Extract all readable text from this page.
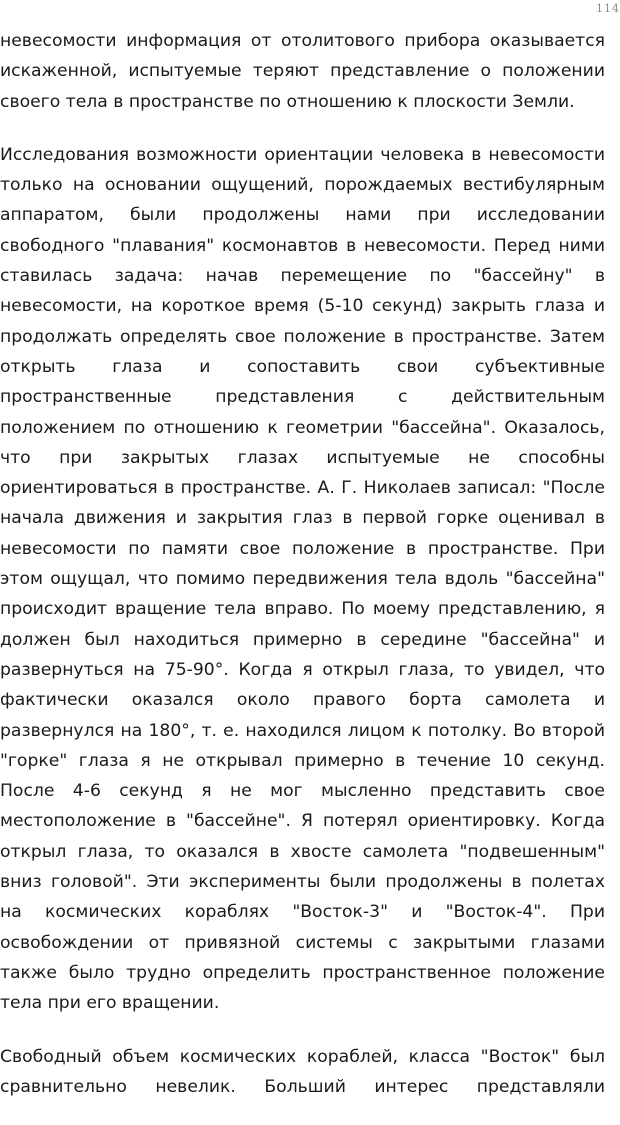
114

невесомости информация от отолитового прибора оказывается искаженной, испытуемые теряют представление о положении своего тела в пространстве по отношению к плоскости Земли.

Исследования возможности ориентации человека в невесомости только на основании ощущений, порождаемых вестибулярным аппаратом, были продолжены нами при исследовании свободного "плавания" космонавтов в невесомости. Перед ними ставилась задача: начав перемещение по "бассейну" в невесомости, на короткое время (5-10 секунд) закрыть глаза и продолжать определять свое положение в пространстве. Затем открыть глаза и сопоставить свои субъективные пространственные представления с действительным положением по отношению к геометрии "бассейна". Оказалось, что при закрытых глазах испытуемые не способны ориентироваться в пространстве. А. Г. Николаев записал: "После начала движения и закрытия глаз в первой горке оценивал в невесомости по памяти свое положение в пространстве. При этом ощущал, что помимо передвижения тела вдоль "бассейна" происходит вращение тела вправо. По моему представлению, я должен был находиться примерно в середине "бассейна" и развернуться на 75-90°. Когда я открыл глаза, то увидел, что фактически оказался около правого борта самолета и развернулся на 180°, т. е. находился лицом к потолку. Во второй "горке" глаза я не открывал примерно в течение 10 секунд. После 4-6 секунд я не мог мысленно представить свое местоположение в "бассейне". Я потерял ориентировку. Когда открыл глаза, то оказался в хвосте самолета "подвешенным" вниз головой". Эти эксперименты были продолжены в полетах на космических кораблях "Восток-3" и "Восток-4". При освобождении от привязной системы с закрытыми глазами также было трудно определить пространственное положение тела при его вращении.

Свободный объем космических кораблей, класса "Восток" был сравнительно невелик. Больший интерес представляли
